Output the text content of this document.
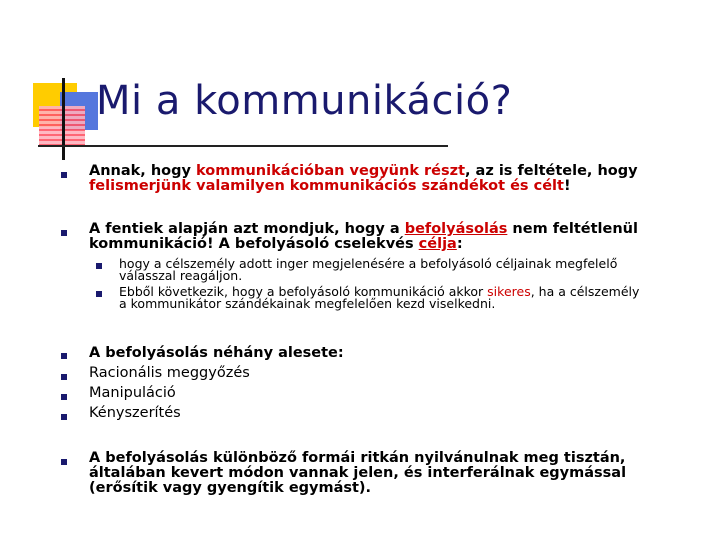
Mi a kommunikáció?
Annak, hogy kommunikációban vegyünk részt, az is feltétele, hogy
felismerjünk valamilyen kommunikációs szándékot és célt!
A fentiek alapján azt mondjuk, hogy a befolyásolás nem feltétlenül
kommunikáció! A befolyásoló cselekvés célja:
hogy a célszemély adott inger megjelenésére a befolyásoló céljainak megfelelő
válasszal reagáljon.
Ebből következik, hogy a befolyásoló kommunikáció akkor sikeres, ha a célszemély
a kommunikátor szándékainak megfelelően kezd viselkedni.
A befolyásolás néhány alesete:
Racionális meggyőzés
Manipuláció
Kényszerítés
A befolyásolás különböző formái ritkán nyilvánulnak meg tisztán,
általában kevert módon vannak jelen, és interferálnak egymással
(erősítik vagy gyengítik egymást).
